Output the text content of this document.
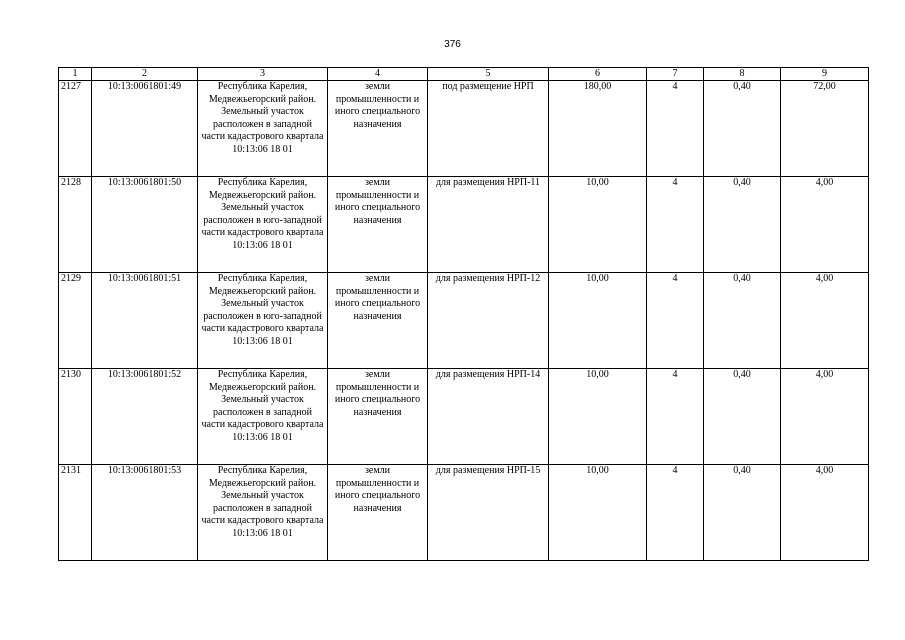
376
1	2	3	4	5	6	7	8	9
2127	10:13:0061801:49	Республика Карелия, Медвежьегорский район. Земельный участок расположен в западной части кадастрового квартала 10:13:06 18 01	земли промышленности и иного специального назначения	под размещение НРП	180,00	4	0,40	72,00
2128	10:13:0061801:50	Республика Карелия, Медвежьегорский район. Земельный участок расположен в юго-западной части кадастрового квартала 10:13:06 18 01	земли промышленности и иного специального назначения	для размещения НРП-11	10,00	4	0,40	4,00
2129	10:13:0061801:51	Республика Карелия, Медвежьегорский район. Земельный участок расположен в юго-западной части кадастрового квартала 10:13:06 18 01	земли промышленности и иного специального назначения	для размещения НРП-12	10,00	4	0,40	4,00
2130	10:13:0061801:52	Республика Карелия, Медвежьегорский район. Земельный участок расположен в западной части кадастрового квартала 10:13:06 18 01	земли промышленности и иного специального назначения	для размещения НРП-14	10,00	4	0,40	4,00
2131	10:13:0061801:53	Республика Карелия, Медвежьегорский район. Земельный участок расположен в западной части кадастрового квартала 10:13:06 18 01	земли промышленности и иного специального назначения	для размещения НРП-15	10,00	4	0,40	4,00
